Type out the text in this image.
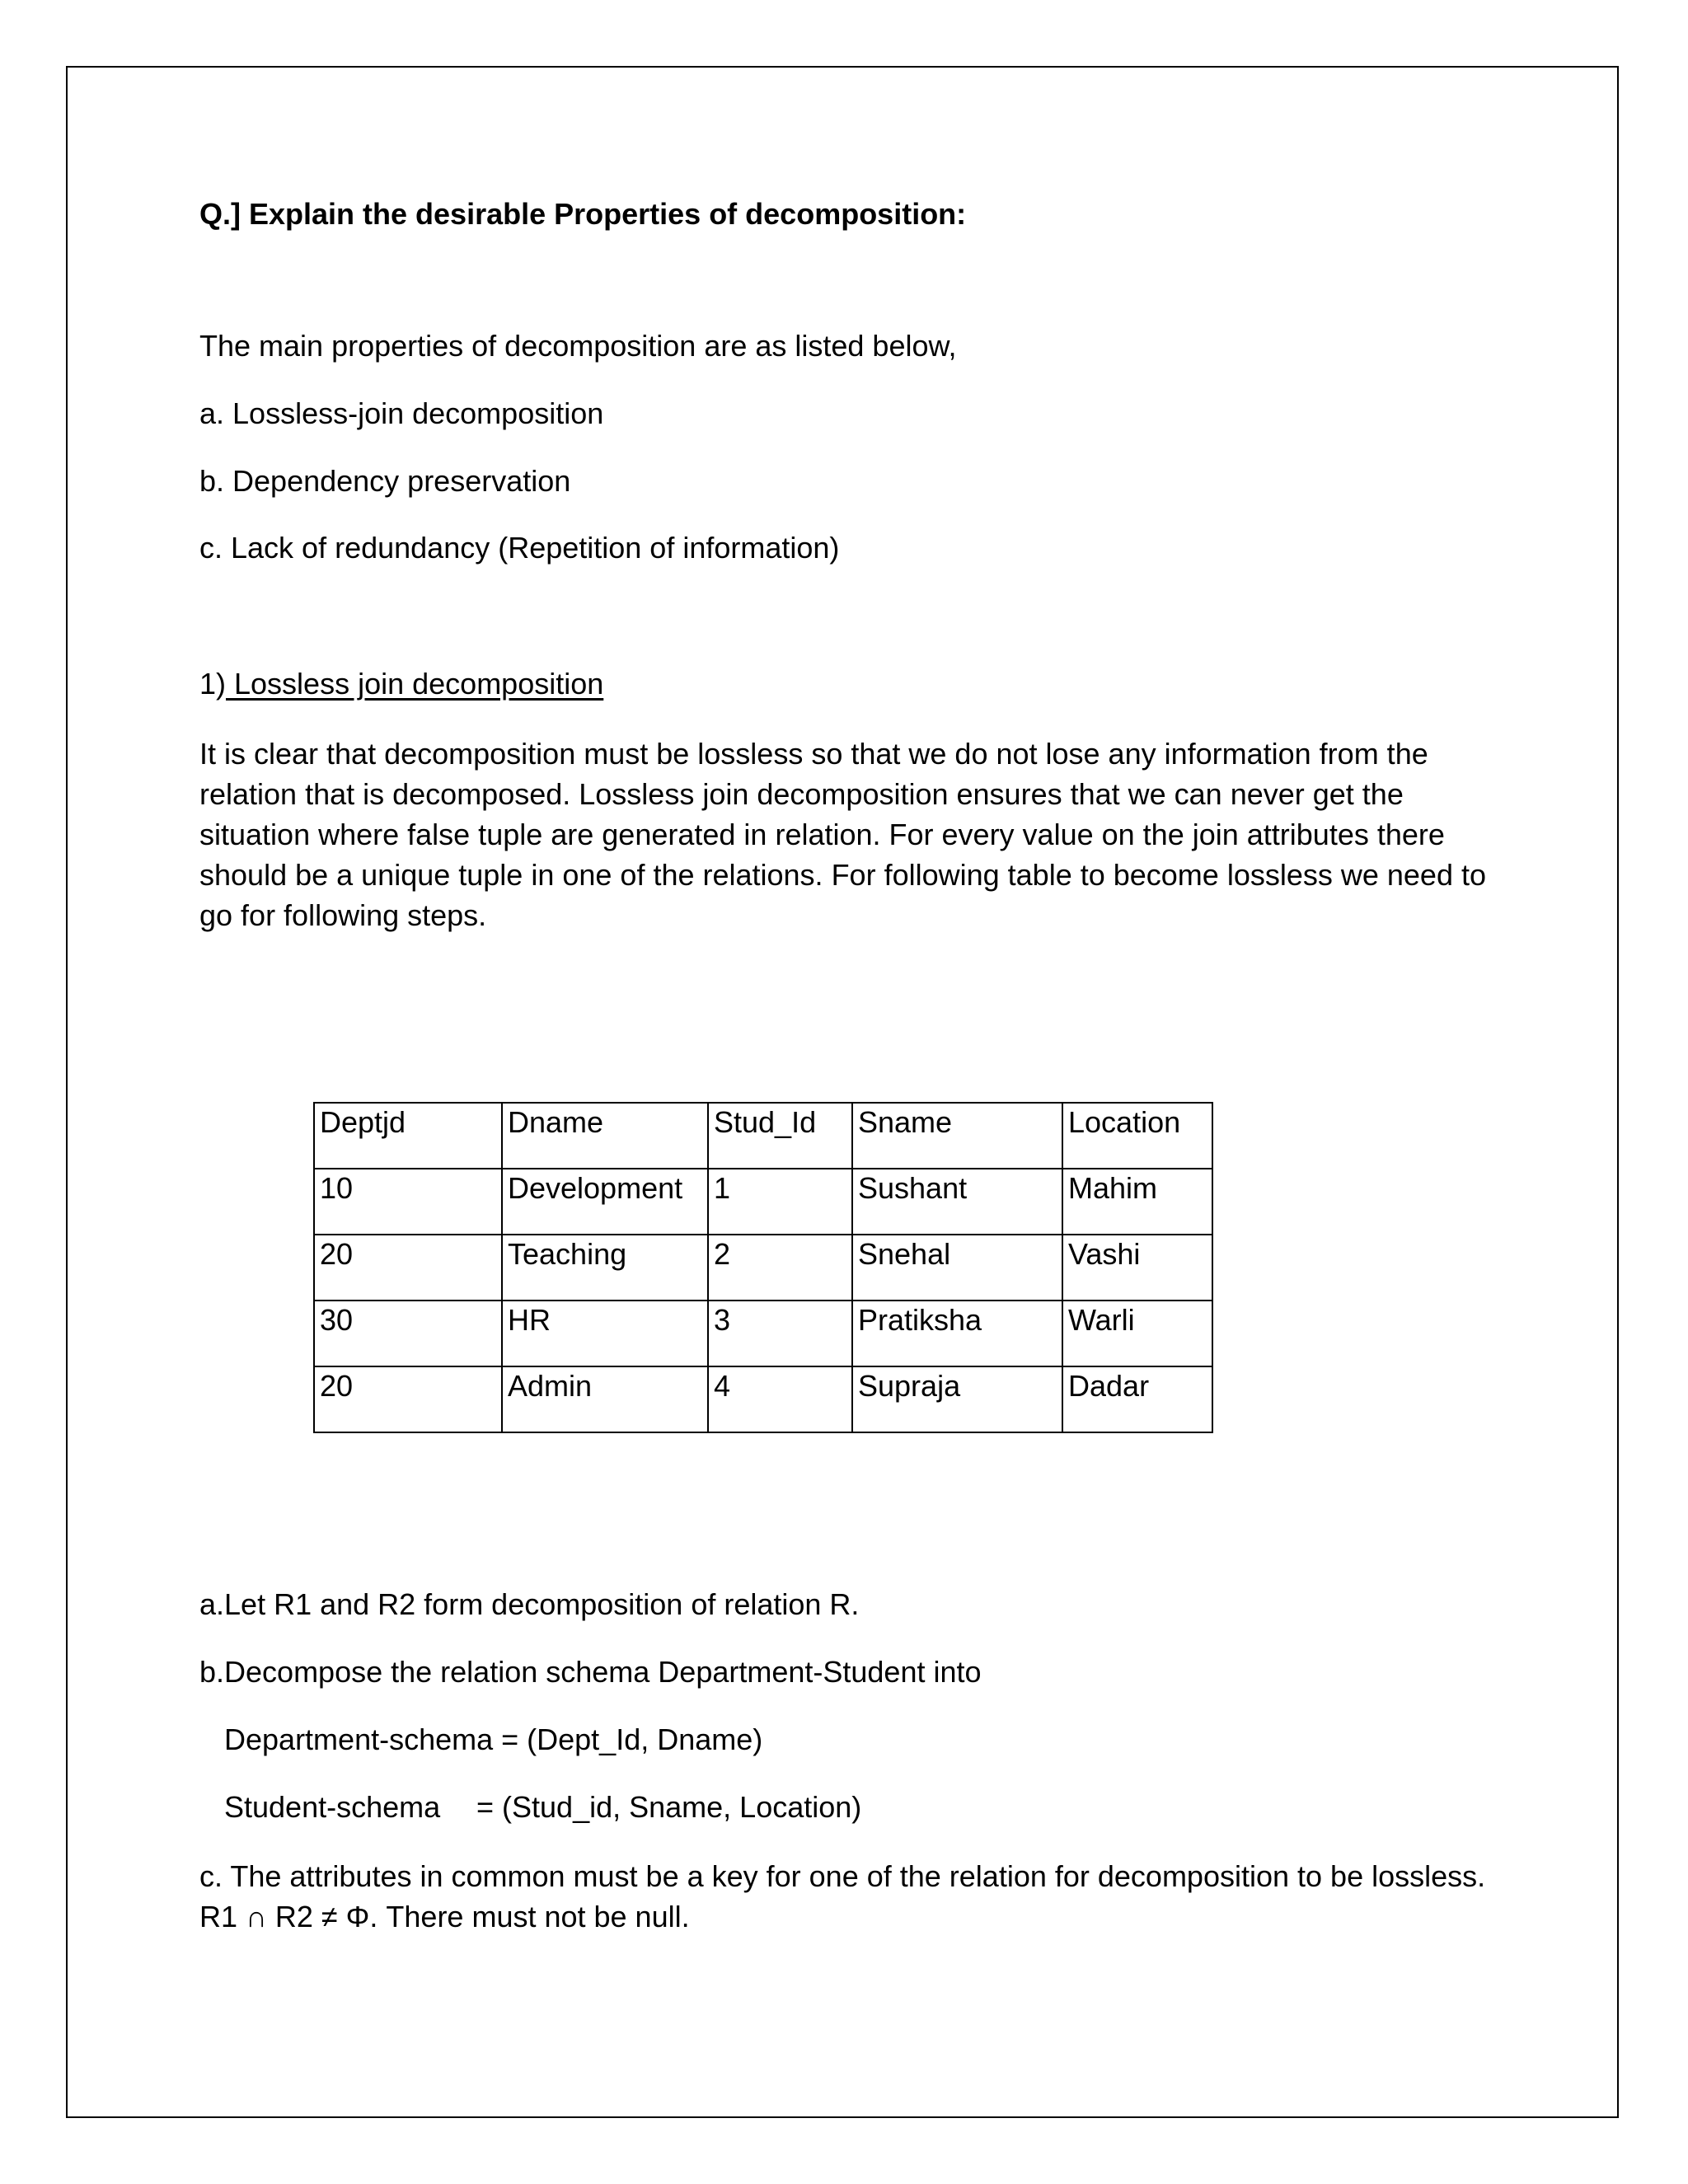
Q.] Explain the desirable Properties of decomposition:

The main properties of decomposition are as listed below,

a. Lossless-join decomposition

b. Dependency preservation

c. Lack of redundancy (Repetition of information)

1) Lossless join decomposition

It is clear that decomposition must be lossless so that we do not lose any information from the relation that is decomposed. Lossless join decomposition ensures that we can never get the situation where false tuple are generated in relation. For every value on the join attributes there should be a unique tuple in one of the relations. For following table to become lossless we need to go for following steps.

Deptjd	Dname	Stud_Id	Sname	Location

10	Development	1	Sushant	Mahim

20	Teaching	2	Snehal	Vashi

30	HR	3	Pratiksha	Warli

20	Admin	4	Supraja	Dadar

a.Let R1 and R2 form decomposition of relation R.

b.Decompose the relation schema Department-Student into

Department-schema = (Dept_Id, Dname)

Student-schema = (Stud_id, Sname, Location)

c. The attributes in common must be a key for one of the relation for decomposition to be lossless. R1 ∩ R2 ≠ Φ. There must not be null.
